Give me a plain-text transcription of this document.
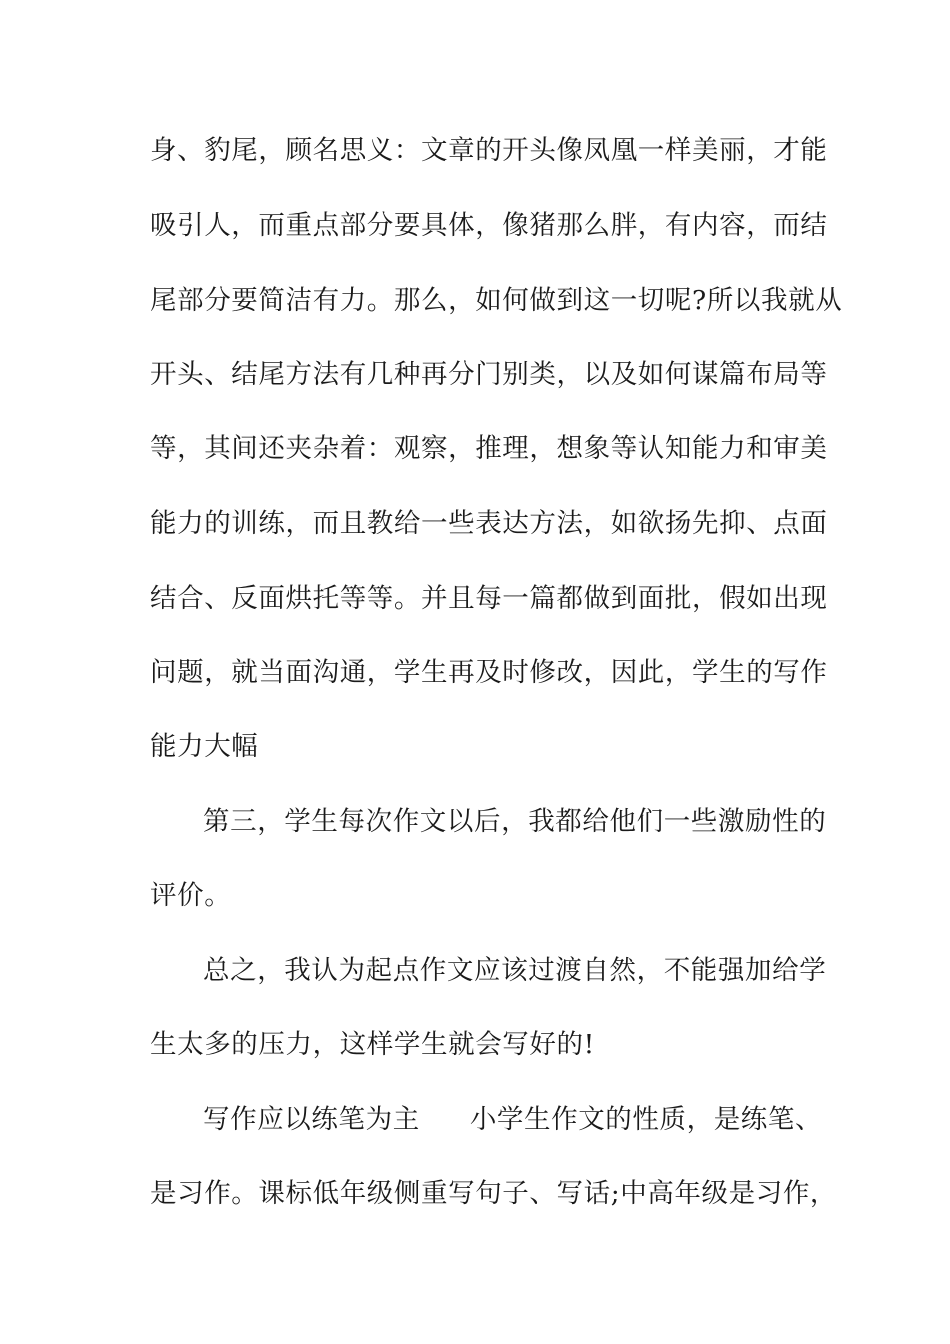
身、豹尾，顾名思义：文章的开头像凤凰一样美丽，才能

吸引人，而重点部分要具体，像猪那么胖，有内容，而结

尾部分要简洁有力。那么，如何做到这一切呢?所以我就从

开头、结尾方法有几种再分门别类，以及如何谋篇布局等

等，其间还夹杂着：观察，推理，想象等认知能力和审美

能力的训练，而且教给一些表达方法，如欲扬先抑、点面

结合、反面烘托等等。并且每一篇都做到面批，假如出现

问题，就当面沟通，学生再及时修改，因此，学生的写作

能力大幅

第三，学生每次作文以后，我都给他们一些激励性的

评价。

总之，我认为起点作文应该过渡自然，不能强加给学

生太多的压力，这样学生就会写好的!

写作应以练笔为主 小学生作文的性质，是练笔、

是习作。课标低年级侧重写句子、写话;中高年级是习作，
